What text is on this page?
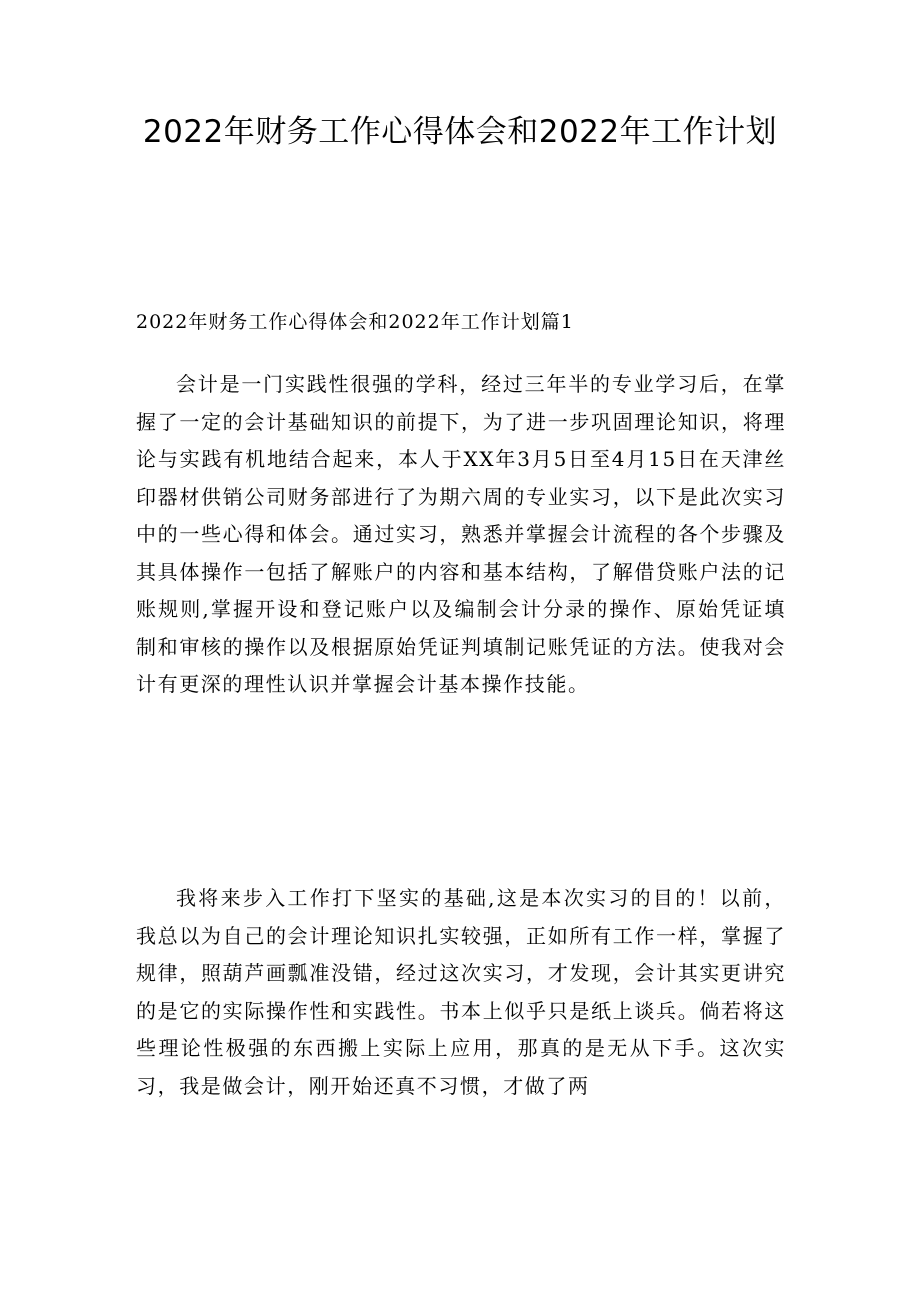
2022年财务工作心得体会和2022年工作计划

2022年财务工作心得体会和2022年工作计划篇1

会计是一门实践性很强的学科，经过三年半的专业学习后，在掌握了一定的会计基础知识的前提下，为了进一步巩固理论知识，将理论与实践有机地结合起来，本人于XX年3月5日至4月15日在天津丝印器材供销公司财务部进行了为期六周的专业实习，以下是此次实习中的一些心得和体会。通过实习，熟悉并掌握会计流程的各个步骤及其具体操作一包括了解账户的内容和基本结构，了解借贷账户法的记账规则,掌握开设和登记账户以及编制会计分录的操作、原始凭证填制和审核的操作以及根据原始凭证判填制记账凭证的方法。使我对会计有更深的理性认识并掌握会计基本操作技能。

我将来步入工作打下坚实的基础,这是本次实习的目的！以前，我总以为自己的会计理论知识扎实较强，正如所有工作一样，掌握了规律，照葫芦画瓢准没错，经过这次实习，才发现，会计其实更讲究的是它的实际操作性和实践性。书本上似乎只是纸上谈兵。倘若将这些理论性极强的东西搬上实际上应用，那真的是无从下手。这次实习，我是做会计，刚开始还真不习惯，才做了两
